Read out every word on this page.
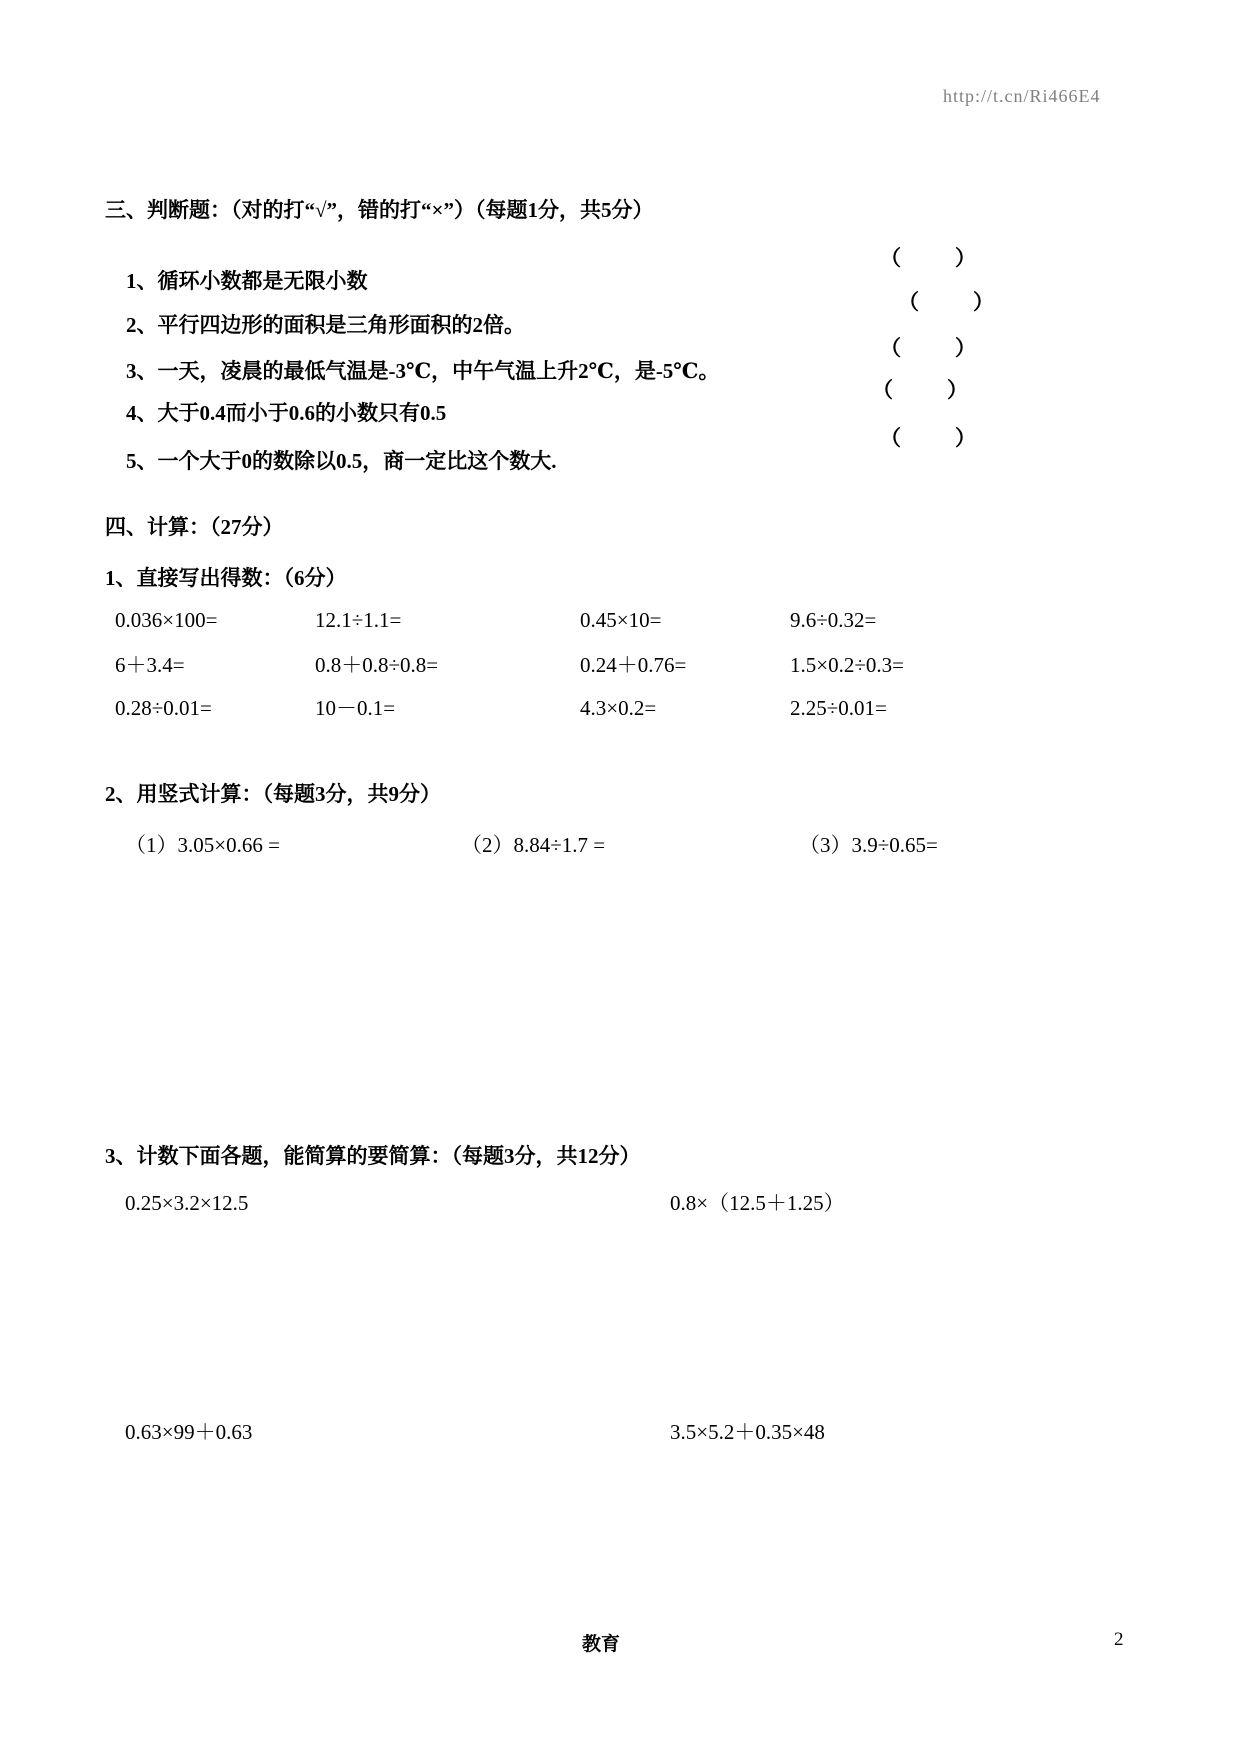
http://t.cn/Ri466E4
三、判断题：（对的打“√”，错的打“×”）（每题1分，共5分）

1、循环小数都是无限小数

（　　）

2、平行四边形的面积是三角形面积的2倍。

（　　）

3、一天，凌晨的最低气温是-3℃，中午气温上升2℃，是-5℃。

（　　）

4、大于0.4而小于0.6的小数只有0.5

（　　）

5、一个大于0的数除以0.5，商一定比这个数大.

（　　）

四、计算：（27分）
1、直接写出得数：（6分）
0.036×100=	12.1÷1.1=	0.45×10=	9.6÷0.32=
6＋3.4=	0.8＋0.8÷0.8=	0.24＋0.76=	1.5×0.2÷0.3=
0.28÷0.01=	10－0.1=	4.3×0.2=	2.25÷0.01=
2、用竖式计算：（每题3分，共9分）
（1）3.05×0.66 =	（2）8.84÷1.7 =	（3）3.9÷0.65=
3、计数下面各题，能简算的要简算：（每题3分，共12分）
0.25×3.2×12.5	0.8×（12.5＋1.25）
0.63×99＋0.63	3.5×5.2＋0.35×48
教育	2
